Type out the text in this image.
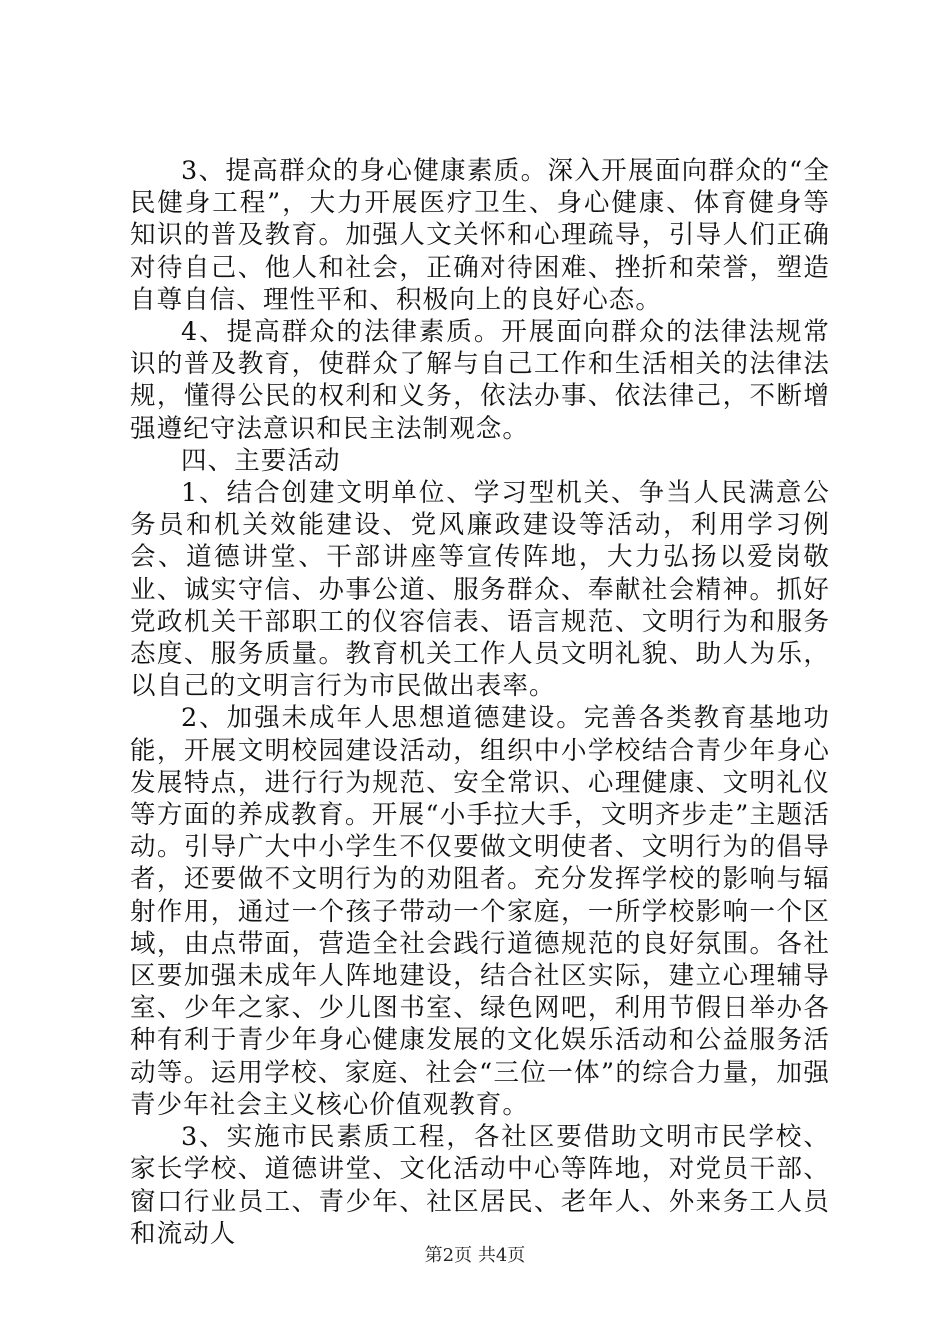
3、提高群众的身心健康素质。深入开展面向群众的“全民健身工程”，大力开展医疗卫生、身心健康、体育健身等知识的普及教育。加强人文关怀和心理疏导，引导人们正确对待自己、他人和社会，正确对待困难、挫折和荣誉，塑造自尊自信、理性平和、积极向上的良好心态。

4、提高群众的法律素质。开展面向群众的法律法规常识的普及教育，使群众了解与自己工作和生活相关的法律法规，懂得公民的权利和义务，依法办事、依法律己，不断增强遵纪守法意识和民主法制观念。

四、主要活动

1、结合创建文明单位、学习型机关、争当人民满意公务员和机关效能建设、党风廉政建设等活动，利用学习例会、道德讲堂、干部讲座等宣传阵地，大力弘扬以爱岗敬业、诚实守信、办事公道、服务群众、奉献社会精神。抓好党政机关干部职工的仪容信表、语言规范、文明行为和服务态度、服务质量。教育机关工作人员文明礼貌、助人为乐，以自己的文明言行为市民做出表率。

2、加强未成年人思想道德建设。完善各类教育基地功能，开展文明校园建设活动，组织中小学校结合青少年身心发展特点，进行行为规范、安全常识、心理健康、文明礼仪等方面的养成教育。开展“小手拉大手，文明齐步走”主题活动。引导广大中小学生不仅要做文明使者、文明行为的倡导者，还要做不文明行为的劝阻者。充分发挥学校的影响与辐射作用，通过一个孩子带动一个家庭，一所学校影响一个区域，由点带面，营造全社会践行道德规范的良好氛围。各社区要加强未成年人阵地建设，结合社区实际，建立心理辅导室、少年之家、少儿图书室、绿色网吧，利用节假日举办各种有利于青少年身心健康发展的文化娱乐活动和公益服务活动等。运用学校、家庭、社会“三位一体”的综合力量，加强青少年社会主义核心价值观教育。

3、实施市民素质工程，各社区要借助文明市民学校、家长学校、道德讲堂、文化活动中心等阵地，对党员干部、窗口行业员工、青少年、社区居民、老年人、外来务工人员和流动人

第2页 共4页
